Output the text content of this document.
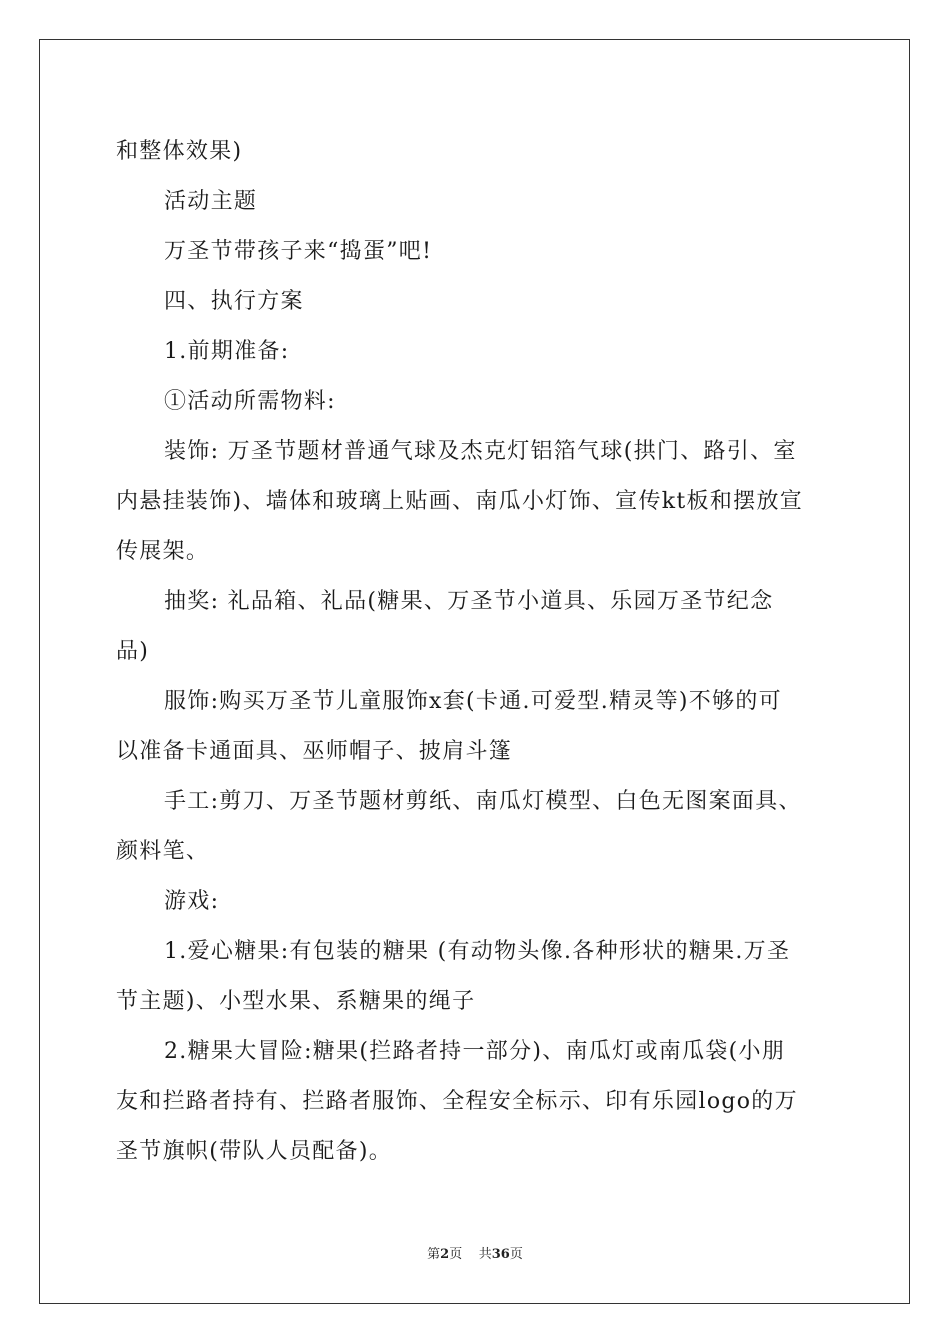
和整体效果)
活动主题
万圣节带孩子来“捣蛋”吧!
四、执行方案
1.前期准备:
①活动所需物料:
装饰: 万圣节题材普通气球及杰克灯铝箔气球(拱门、路引、室
内悬挂装饰)、墙体和玻璃上贴画、南瓜小灯饰、宣传kt板和摆放宣
传展架。
抽奖: 礼品箱、礼品(糖果、万圣节小道具、乐园万圣节纪念
品)
服饰:购买万圣节儿童服饰x套(卡通.可爱型.精灵等)不够的可
以准备卡通面具、巫师帽子、披肩斗篷
手工:剪刀、万圣节题材剪纸、南瓜灯模型、白色无图案面具、
颜料笔、
游戏:
1.爱心糖果:有包装的糖果 (有动物头像.各种形状的糖果.万圣
节主题)、小型水果、系糖果的绳子
2.糖果大冒险:糖果(拦路者持一部分)、南瓜灯或南瓜袋(小朋
友和拦路者持有、拦路者服饰、全程安全标示、印有乐园logo的万
圣节旗帜(带队人员配备)。
第2页 共36页
